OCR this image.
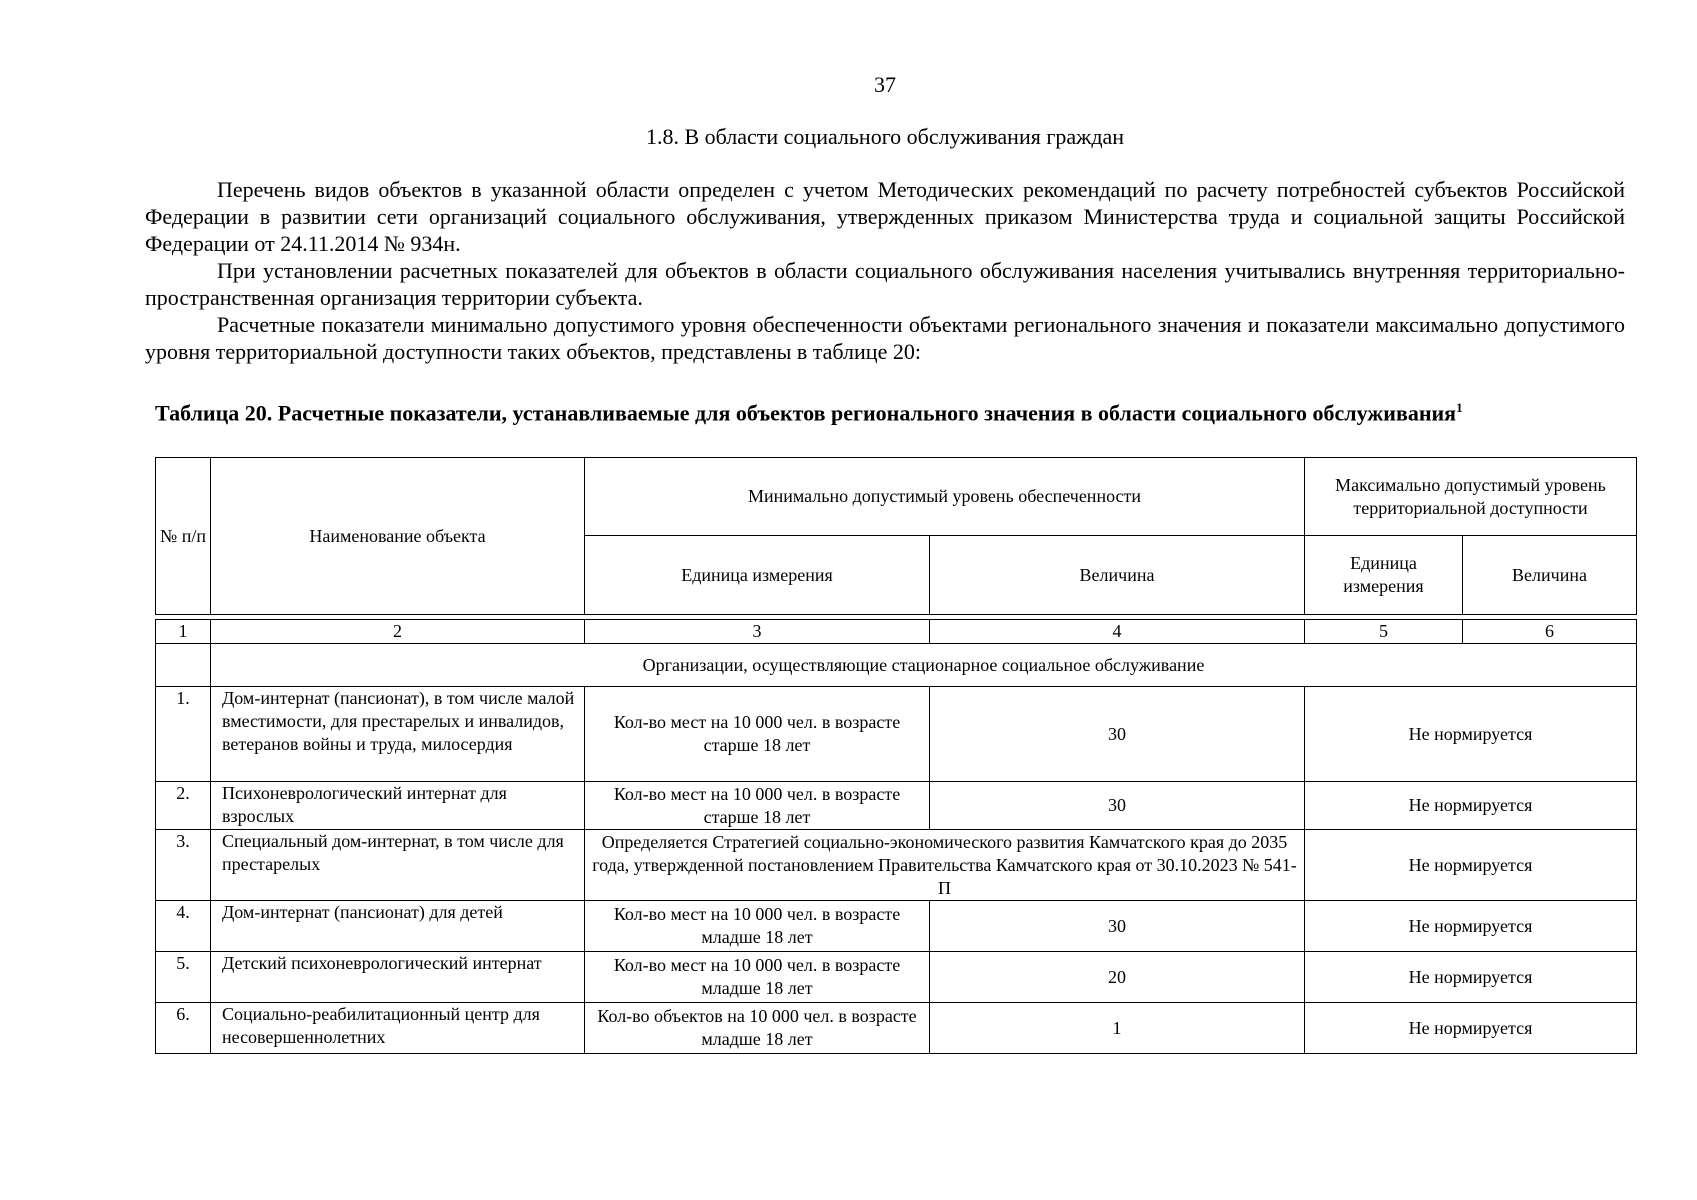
37
1.8. В области социального обслуживания граждан

Перечень видов объектов в указанной области определен с учетом Методических рекомендаций по расчету потребностей субъектов Российской Федерации в развитии сети организаций социального обслуживания, утвержденных приказом Министерства труда и социальной защиты Российской Федерации от 24.11.2014 № 934н.

При установлении расчетных показателей для объектов в области социального обслуживания населения учитывались внутренняя территориально-пространственная организация территории субъекта.

Расчетные показатели минимально допустимого уровня обеспеченности объектами регионального значения и показатели максимально допустимого уровня территориальной доступности таких объектов, представлены в таблице 20:

Таблица 20. Расчетные показатели, устанавливаемые для объектов регионального значения в области социального обслуживания$^1$
№ п/п	Наименование объекта	Минимально допустимый уровень обеспеченности		Максимально допустимый уровень территориальной доступности	
		Единица измерения	Величина	Единица измерения	Величина

1	2	3	4	5	6
	Организации, осуществляющие стационарное социальное обслуживание				
1.	Дом-интернат (пансионат), в том числе малой вместимости, для престарелых и инвалидов, ветеранов войны и труда, милосердия	Кол-во мест на 10 000 чел. в возрасте старше 18 лет	30	Не нормируется	
2.	Психоневрологический интернат для взрослых	Кол-во мест на 10 000 чел. в возрасте старше 18 лет	30	Не нормируется	
3.	Специальный дом-интернат, в том числе для престарелых	Определяется Стратегией социально-экономического развития Камчатского края до 2035 года, утвержденной постановлением Правительства Камчатского края от 30.10.2023 № 541-П		Не нормируется	
4.	Дом-интернат (пансионат) для детей	Кол-во мест на 10 000 чел. в возрасте младше 18 лет	30	Не нормируется	
5.	Детский психоневрологический интернат	Кол-во мест на 10 000 чел. в возрасте младше 18 лет	20	Не нормируется	
6.	Социально-реабилитационный центр для несовершеннолетних	Кол-во объектов на 10 000 чел. в возрасте младше 18 лет	1	Не нормируется	
